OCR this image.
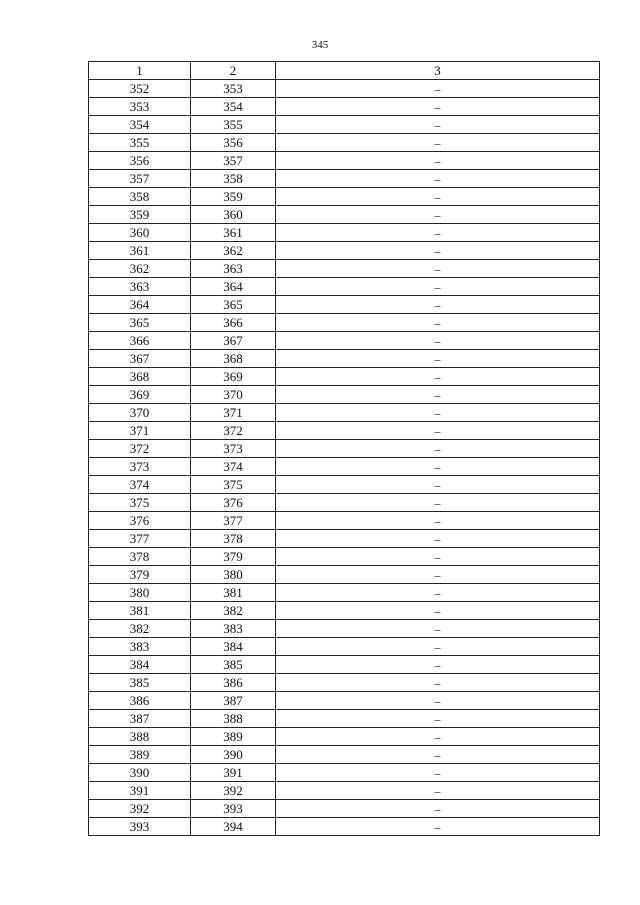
345
1	2	3
352	353	–
353	354	–
354	355	–
355	356	–
356	357	–
357	358	–
358	359	–
359	360	–
360	361	–
361	362	–
362	363	–
363	364	–
364	365	–
365	366	–
366	367	–
367	368	–
368	369	–
369	370	–
370	371	–
371	372	–
372	373	–
373	374	–
374	375	–
375	376	–
376	377	–
377	378	–
378	379	–
379	380	–
380	381	–
381	382	–
382	383	–
383	384	–
384	385	–
385	386	–
386	387	–
387	388	–
388	389	–
389	390	–
390	391	–
391	392	–
392	393	–
393	394	–
